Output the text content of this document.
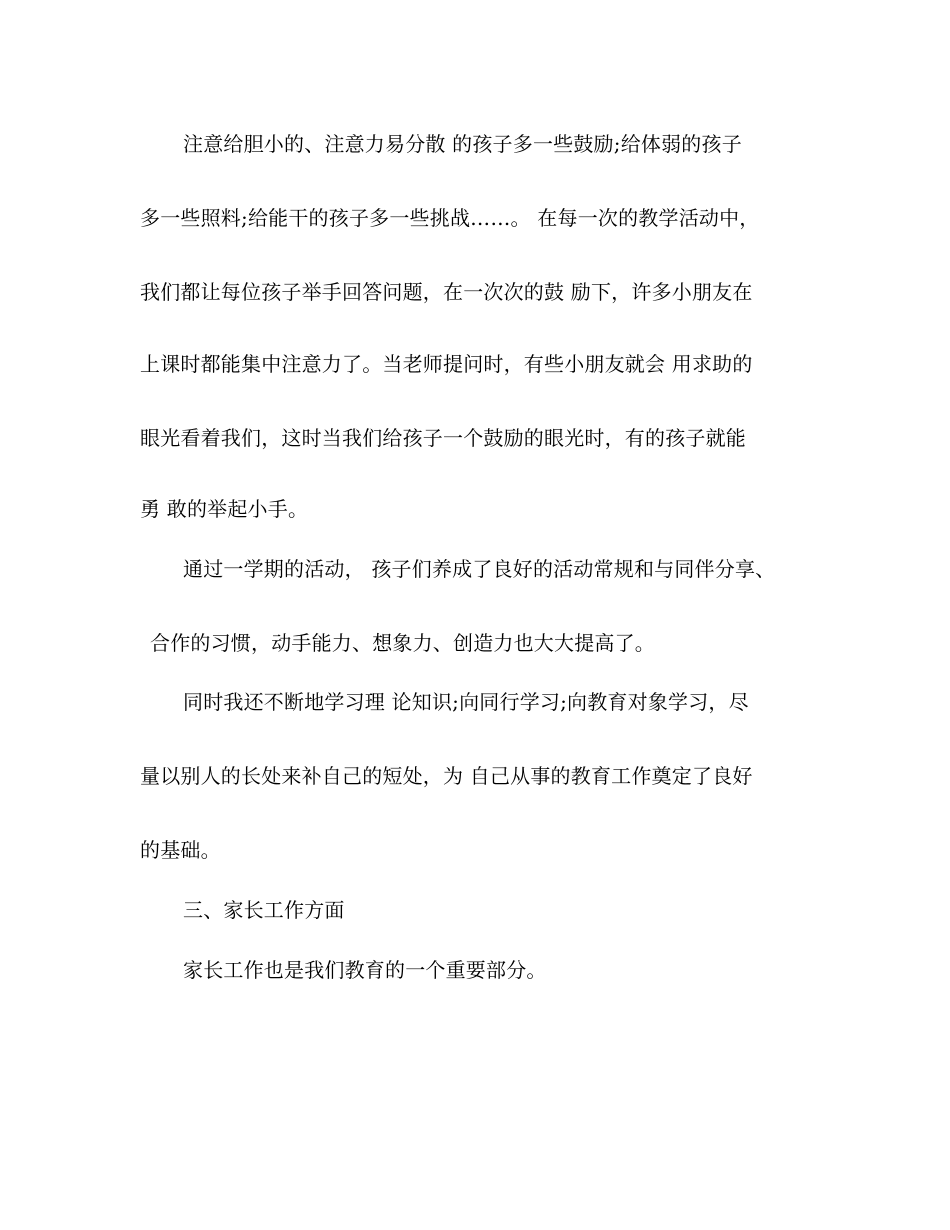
注意给胆小的、注意力易分散 的孩子多一些鼓励;给体弱的孩子
多一些照料;给能干的孩子多一些挑战……。 在每一次的教学活动中，
我们都让每位孩子举手回答问题，在一次次的鼓 励下，许多小朋友在
上课时都能集中注意力了。当老师提问时，有些小朋友就会 用求助的
眼光看着我们，这时当我们给孩子一个鼓励的眼光时，有的孩子就能
勇 敢的举起小手。
通过一学期的活动， 孩子们养成了良好的活动常规和与同伴分享、
合作的习惯，动手能力、想象力、创造力也大大提高了。
同时我还不断地学习理 论知识;向同行学习;向教育对象学习，尽
量以别人的长处来补自己的短处，为 自己从事的教育工作奠定了良好
的基础。
三、家长工作方面
家长工作也是我们教育的一个重要部分。
